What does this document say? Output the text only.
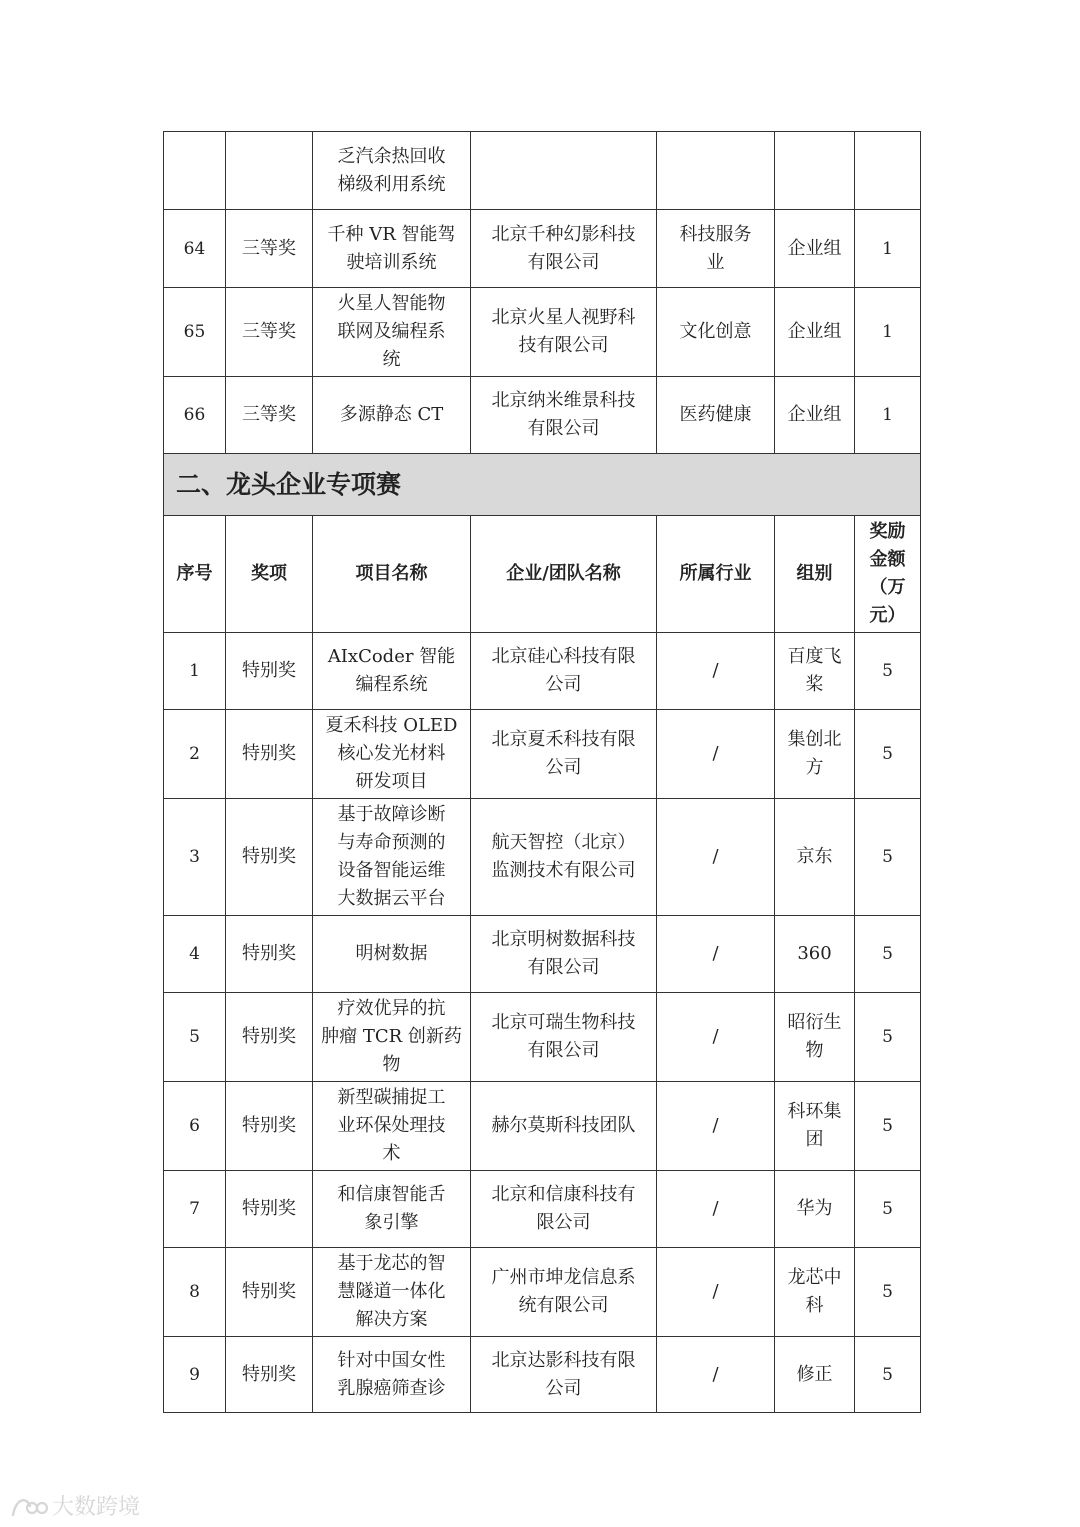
		乏汽余热回收
梯级利用系统				
64	三等奖	千种 VR 智能驾
驶培训系统	北京千种幻影科技
有限公司	科技服务
业	企业组	1
65	三等奖	火星人智能物
联网及编程系
统	北京火星人视野科
技有限公司	文化创意	企业组	1
66	三等奖	多源静态 CT	北京纳米维景科技
有限公司	医药健康	企业组	1
二、龙头企业专项赛						
序号	奖项	项目名称	企业/团队名称	所属行业	组别	奖励
金额
（万
元）
1	特别奖	AIxCoder 智能
编程系统	北京硅心科技有限
公司	/	百度飞
桨	5
2	特别奖	夏禾科技 OLED
核心发光材料
研发项目	北京夏禾科技有限
公司	/	集创北
方	5
3	特别奖	基于故障诊断
与寿命预测的
设备智能运维
大数据云平台	航天智控（北京）
监测技术有限公司	/	京东	5
4	特别奖	明树数据	北京明树数据科技
有限公司	/	360	5
5	特别奖	疗效优异的抗
肿瘤 TCR 创新药
物	北京可瑞生物科技
有限公司	/	昭衍生
物	5
6	特别奖	新型碳捕捉工
业环保处理技
术	赫尔莫斯科技团队	/	科环集
团	5
7	特别奖	和信康智能舌
象引擎	北京和信康科技有
限公司	/	华为	5
8	特别奖	基于龙芯的智
慧隧道一体化
解决方案	广州市坤龙信息系
统有限公司	/	龙芯中
科	5
9	特别奖	针对中国女性
乳腺癌筛查诊	北京达影科技有限
公司	/	修正	5
大数跨境
